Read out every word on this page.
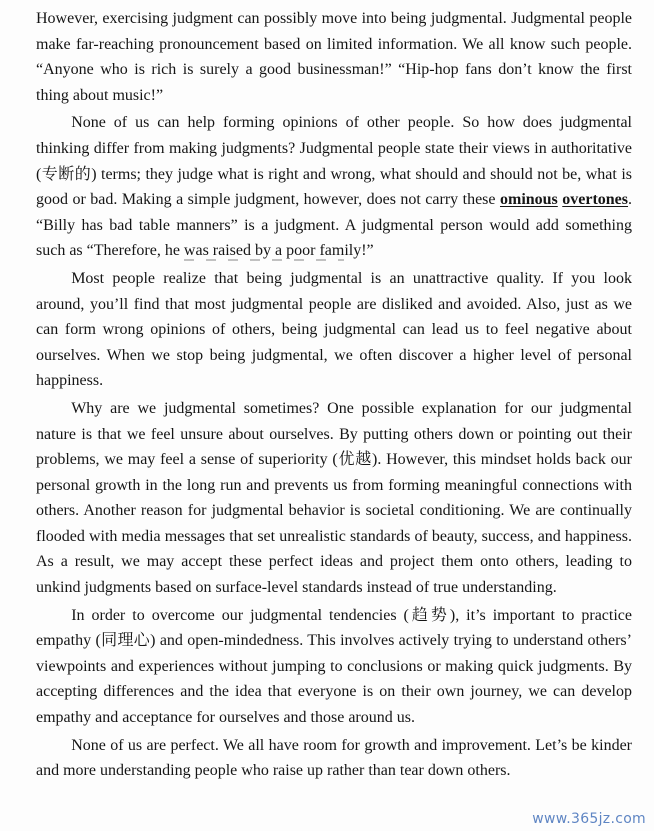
However, exercising judgment can possibly move into being judgmental. Judgmental people make far-reaching pronouncement based on limited information. We all know such people. “Anyone who is rich is surely a good businessman!” “Hip-hop fans don’t know the first thing about music!”

None of us can help forming opinions of other people. So how does judgmental thinking differ from making judgments? Judgmental people state their views in authoritative (专断的) terms; they judge what is right and wrong, what should and should not be, what is good or bad. Making a simple judgment, however, does not carry these ominous overtones. “Billy has bad table manners” is a judgment. A judgmental person would add something such as “Therefore, he was raised by a poor family!”

Most people realize that being judgmental is an unattractive quality. If you look around, you’ll find that most judgmental people are disliked and avoided. Also, just as we can form wrong opinions of others, being judgmental can lead us to feel negative about ourselves. When we stop being judgmental, we often discover a higher level of personal happiness.

Why are we judgmental sometimes? One possible explanation for our judgmental nature is that we feel unsure about ourselves. By putting others down or pointing out their problems, we may feel a sense of superiority (优越). However, this mindset holds back our personal growth in the long run and prevents us from forming meaningful connections with others. Another reason for judgmental behavior is societal conditioning. We are continually flooded with media messages that set unrealistic standards of beauty, success, and happiness. As a result, we may accept these perfect ideas and project them onto others, leading to unkind judgments based on surface-level standards instead of true understanding.

In order to overcome our judgmental tendencies (趋势), it’s important to practice empathy (同理心) and open-mindedness. This involves actively trying to understand others’ viewpoints and experiences without jumping to conclusions or making quick judgments. By accepting differences and the idea that everyone is on their own journey, we can develop empathy and acceptance for ourselves and those around us.

None of us are perfect. We all have room for growth and improvement. Let’s be kinder and more understanding people who raise up rather than tear down others.

www.365jz.com
